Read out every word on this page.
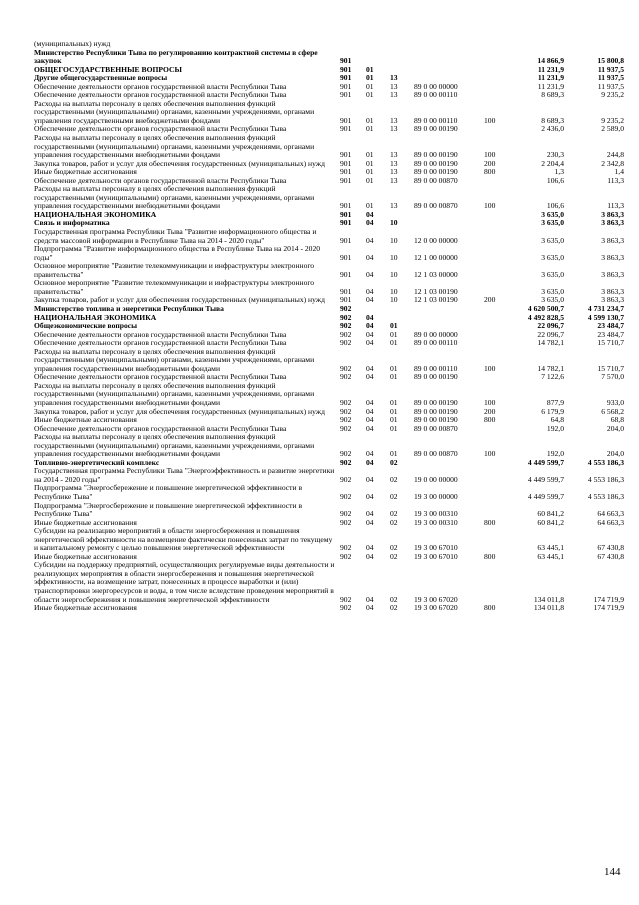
(муниципальных) нужд
Министерство Республики Тыва по регулированию контрактной системы в сфере закупок	901	14 866,9	15 800,8
ОБЩЕГОСУДАРСТВЕННЫЕ ВОПРОСЫ	901	01	11 231,9	11 937,5
Другие общегосударственные вопросы	901	01	13	11 231,9	11 937,5
Обеспечение деятельности органов государственной власти Республики Тыва	901	01	13	89 0 00 00000	11 231,9	11 937,5
Обеспечение деятельности органов государственной власти Республики Тыва	901	01	13	89 0 00 00110	8 689,3	9 235,2
Расходы на выплаты персоналу в целях обеспечения выполнения функций государственными (муниципальными) органами, казенными учреждениями, органами управления государственными внебюджетными фондами	901	01	13	89 0 00 00110	100	8 689,3	9 235,2
Обеспечение деятельности органов государственной власти Республики Тыва	901	01	13	89 0 00 00190	2 436,0	2 589,0
Расходы на выплаты персоналу в целях обеспечения выполнения функций государственными (муниципальными) органами, казенными учреждениями, органами управления государственными внебюджетными фондами	901	01	13	89 0 00 00190	100	230,3	244,8
Закупка товаров, работ и услуг для обеспечения государственных (муниципальных) нужд	901	01	13	89 0 00 00190	200	2 204,4	2 342,8
Иные бюджетные ассигнования	901	01	13	89 0 00 00190	800	1,3	1,4
Обеспечение деятельности органов государственной власти Республики Тыва	901	01	13	89 0 00 00870	106,6	113,3
Расходы на выплаты персоналу в целях обеспечения выполнения функций государственными (муниципальными) органами, казенными учреждениями, органами управления государственными внебюджетными фондами	901	01	13	89 0 00 00870	100	106,6	113,3
НАЦИОНАЛЬНАЯ ЭКОНОМИКА	901	04	3 635,0	3 863,3
Связь и информатика	901	04	10	3 635,0	3 863,3
Государственная программа Республики Тыва "Развитие информационного общества и средств массовой информации в Республике Тыва на 2014 - 2020 годы"	901	04	10	12 0 00 00000	3 635,0	3 863,3
Подпрограмма "Развитие информационного общества в Республике Тыва на 2014 - 2020 годы"	901	04	10	12 1 00 00000	3 635,0	3 863,3
Основное мероприятие "Развитие телекоммуникации и инфраструктуры электронного правительства"	901	04	10	12 1 03 00000	3 635,0	3 863,3
Основное мероприятие "Развитие телекоммуникации и инфраструктуры электронного правительства"	901	04	10	12 1 03 00190	3 635,0	3 863,3
Закупка товаров, работ и услуг для обеспечения государственных (муниципальных) нужд	901	04	10	12 1 03 00190	200	3 635,0	3 863,3
Министерство топлива и энергетики Республики Тыва	902	4 620 500,7	4 731 234,7
НАЦИОНАЛЬНАЯ ЭКОНОМИКА	902	04	4 492 828,5	4 599 130,7
Общеэкономические вопросы	902	04	01	22 096,7	23 484,7
Обеспечение деятельности органов государственной власти Республики Тыва	902	04	01	89 0 00 00000	22 096,7	23 484,7
Обеспечение деятельности органов государственной власти Республики Тыва	902	04	01	89 0 00 00110	14 782,1	15 710,7
Расходы на выплаты персоналу в целях обеспечения выполнения функций государственными (муниципальными) органами, казенными учреждениями, органами управления государственными внебюджетными фондами	902	04	01	89 0 00 00110	100	14 782,1	15 710,7
Обеспечение деятельности органов государственной власти Республики Тыва	902	04	01	89 0 00 00190	7 122,6	7 570,0
Расходы на выплаты персоналу в целях обеспечения выполнения функций государственными (муниципальными) органами, казенными учреждениями, органами управления государственными внебюджетными фондами	902	04	01	89 0 00 00190	100	877,9	933,0
Закупка товаров, работ и услуг для обеспечения государственных (муниципальных) нужд	902	04	01	89 0 00 00190	200	6 179,9	6 568,2
Иные бюджетные ассигнования	902	04	01	89 0 00 00190	800	64,8	68,8
Обеспечение деятельности органов государственной власти Республики Тыва	902	04	01	89 0 00 00870	192,0	204,0
Расходы на выплаты персоналу в целях обеспечения выполнения функций государственными (муниципальными) органами, казенными учреждениями, органами управления государственными внебюджетными фондами	902	04	01	89 0 00 00870	100	192,0	204,0
Топливно-энергетический комплекс	902	04	02	4 449 599,7	4 553 186,3
Государственная программа Республики Тыва "Энергоэффективность и развитие энергетики на 2014 - 2020 годы"	902	04	02	19 0 00 00000	4 449 599,7	4 553 186,3
Подпрограмма "Энергосбережение и повышение энергетической эффективности в Республике Тыва"	902	04	02	19 3 00 00000	4 449 599,7	4 553 186,3
Подпрограмма "Энергосбережение и повышение энергетической эффективности в Республике Тыва"	902	04	02	19 3 00 00310	60 841,2	64 663,3
Иные бюджетные ассигнования	902	04	02	19 3 00 00310	800	60 841,2	64 663,3
Субсидии на реализацию мероприятий в области энергосбережения и повышения энергетической эффективности на возмещение фактически понесенных затрат по текущему и капитальному ремонту с целью повышения энергетической эффективности	902	04	02	19 3 00 67010	63 445,1	67 430,8
Иные бюджетные ассигнования	902	04	02	19 3 00 67010	800	63 445,1	67 430,8
Субсидии на поддержку предприятий, осуществляющих регулируемые виды деятельности и реализующих мероприятия в области энергосбережения и повышения энергетической эффективности, на возмещение затрат, понесенных в процессе выработки и (или) транспортировки энергоресурсов и воды, в том числе вследствие проведения мероприятий в области энергосбережения и повышения энергетической эффективности	902	04	02	19 3 00 67020	134 011,8	174 719,9
Иные бюджетные ассигнования	902	04	02	19 3 00 67020	800	134 011,8	174 719,9
144
